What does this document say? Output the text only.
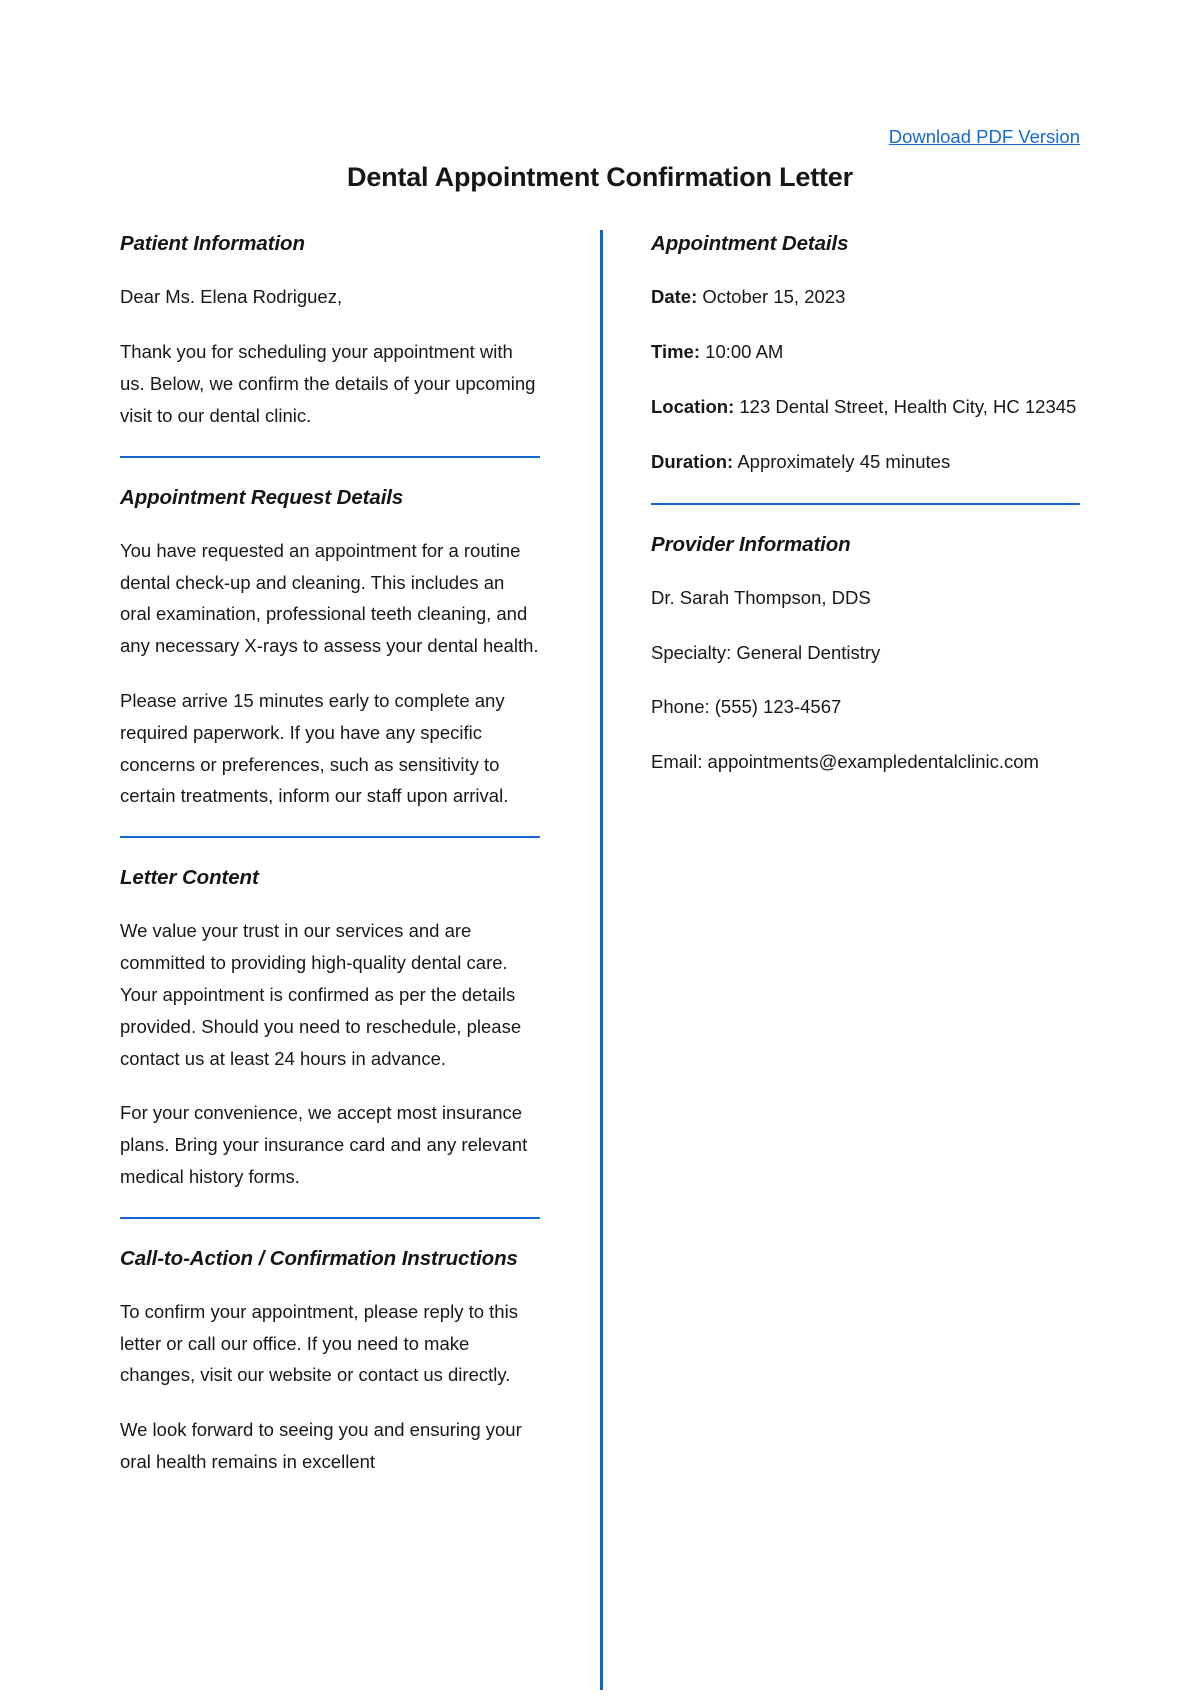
Download PDF Version
Dental Appointment Confirmation Letter
Patient Information

Dear Ms. Elena Rodriguez,

Thank you for scheduling your appointment with us. Below, we confirm the details of your upcoming visit to our dental clinic.

Appointment Request Details

You have requested an appointment for a routine dental check-up and cleaning. This includes an oral examination, professional teeth cleaning, and any necessary X-rays to assess your dental health.

Please arrive 15 minutes early to complete any required paperwork. If you have any specific concerns or preferences, such as sensitivity to certain treatments, inform our staff upon arrival.

Letter Content

We value your trust in our services and are committed to providing high-quality dental care. Your appointment is confirmed as per the details provided. Should you need to reschedule, please contact us at least 24 hours in advance.

For your convenience, we accept most insurance plans. Bring your insurance card and any relevant medical history forms.

Call-to-Action / Confirmation Instructions

To confirm your appointment, please reply to this letter or call our office. If you need to make changes, visit our website or contact us directly.

We look forward to seeing you and ensuring your oral health remains in excellent

Appointment Details

Date: October 15, 2023

Time: 10:00 AM

Location: 123 Dental Street, Health City, HC 12345

Duration: Approximately 45 minutes

Provider Information

Dr. Sarah Thompson, DDS

Specialty: General Dentistry

Phone: (555) 123-4567

Email: appointments@exampledentalclinic.com
